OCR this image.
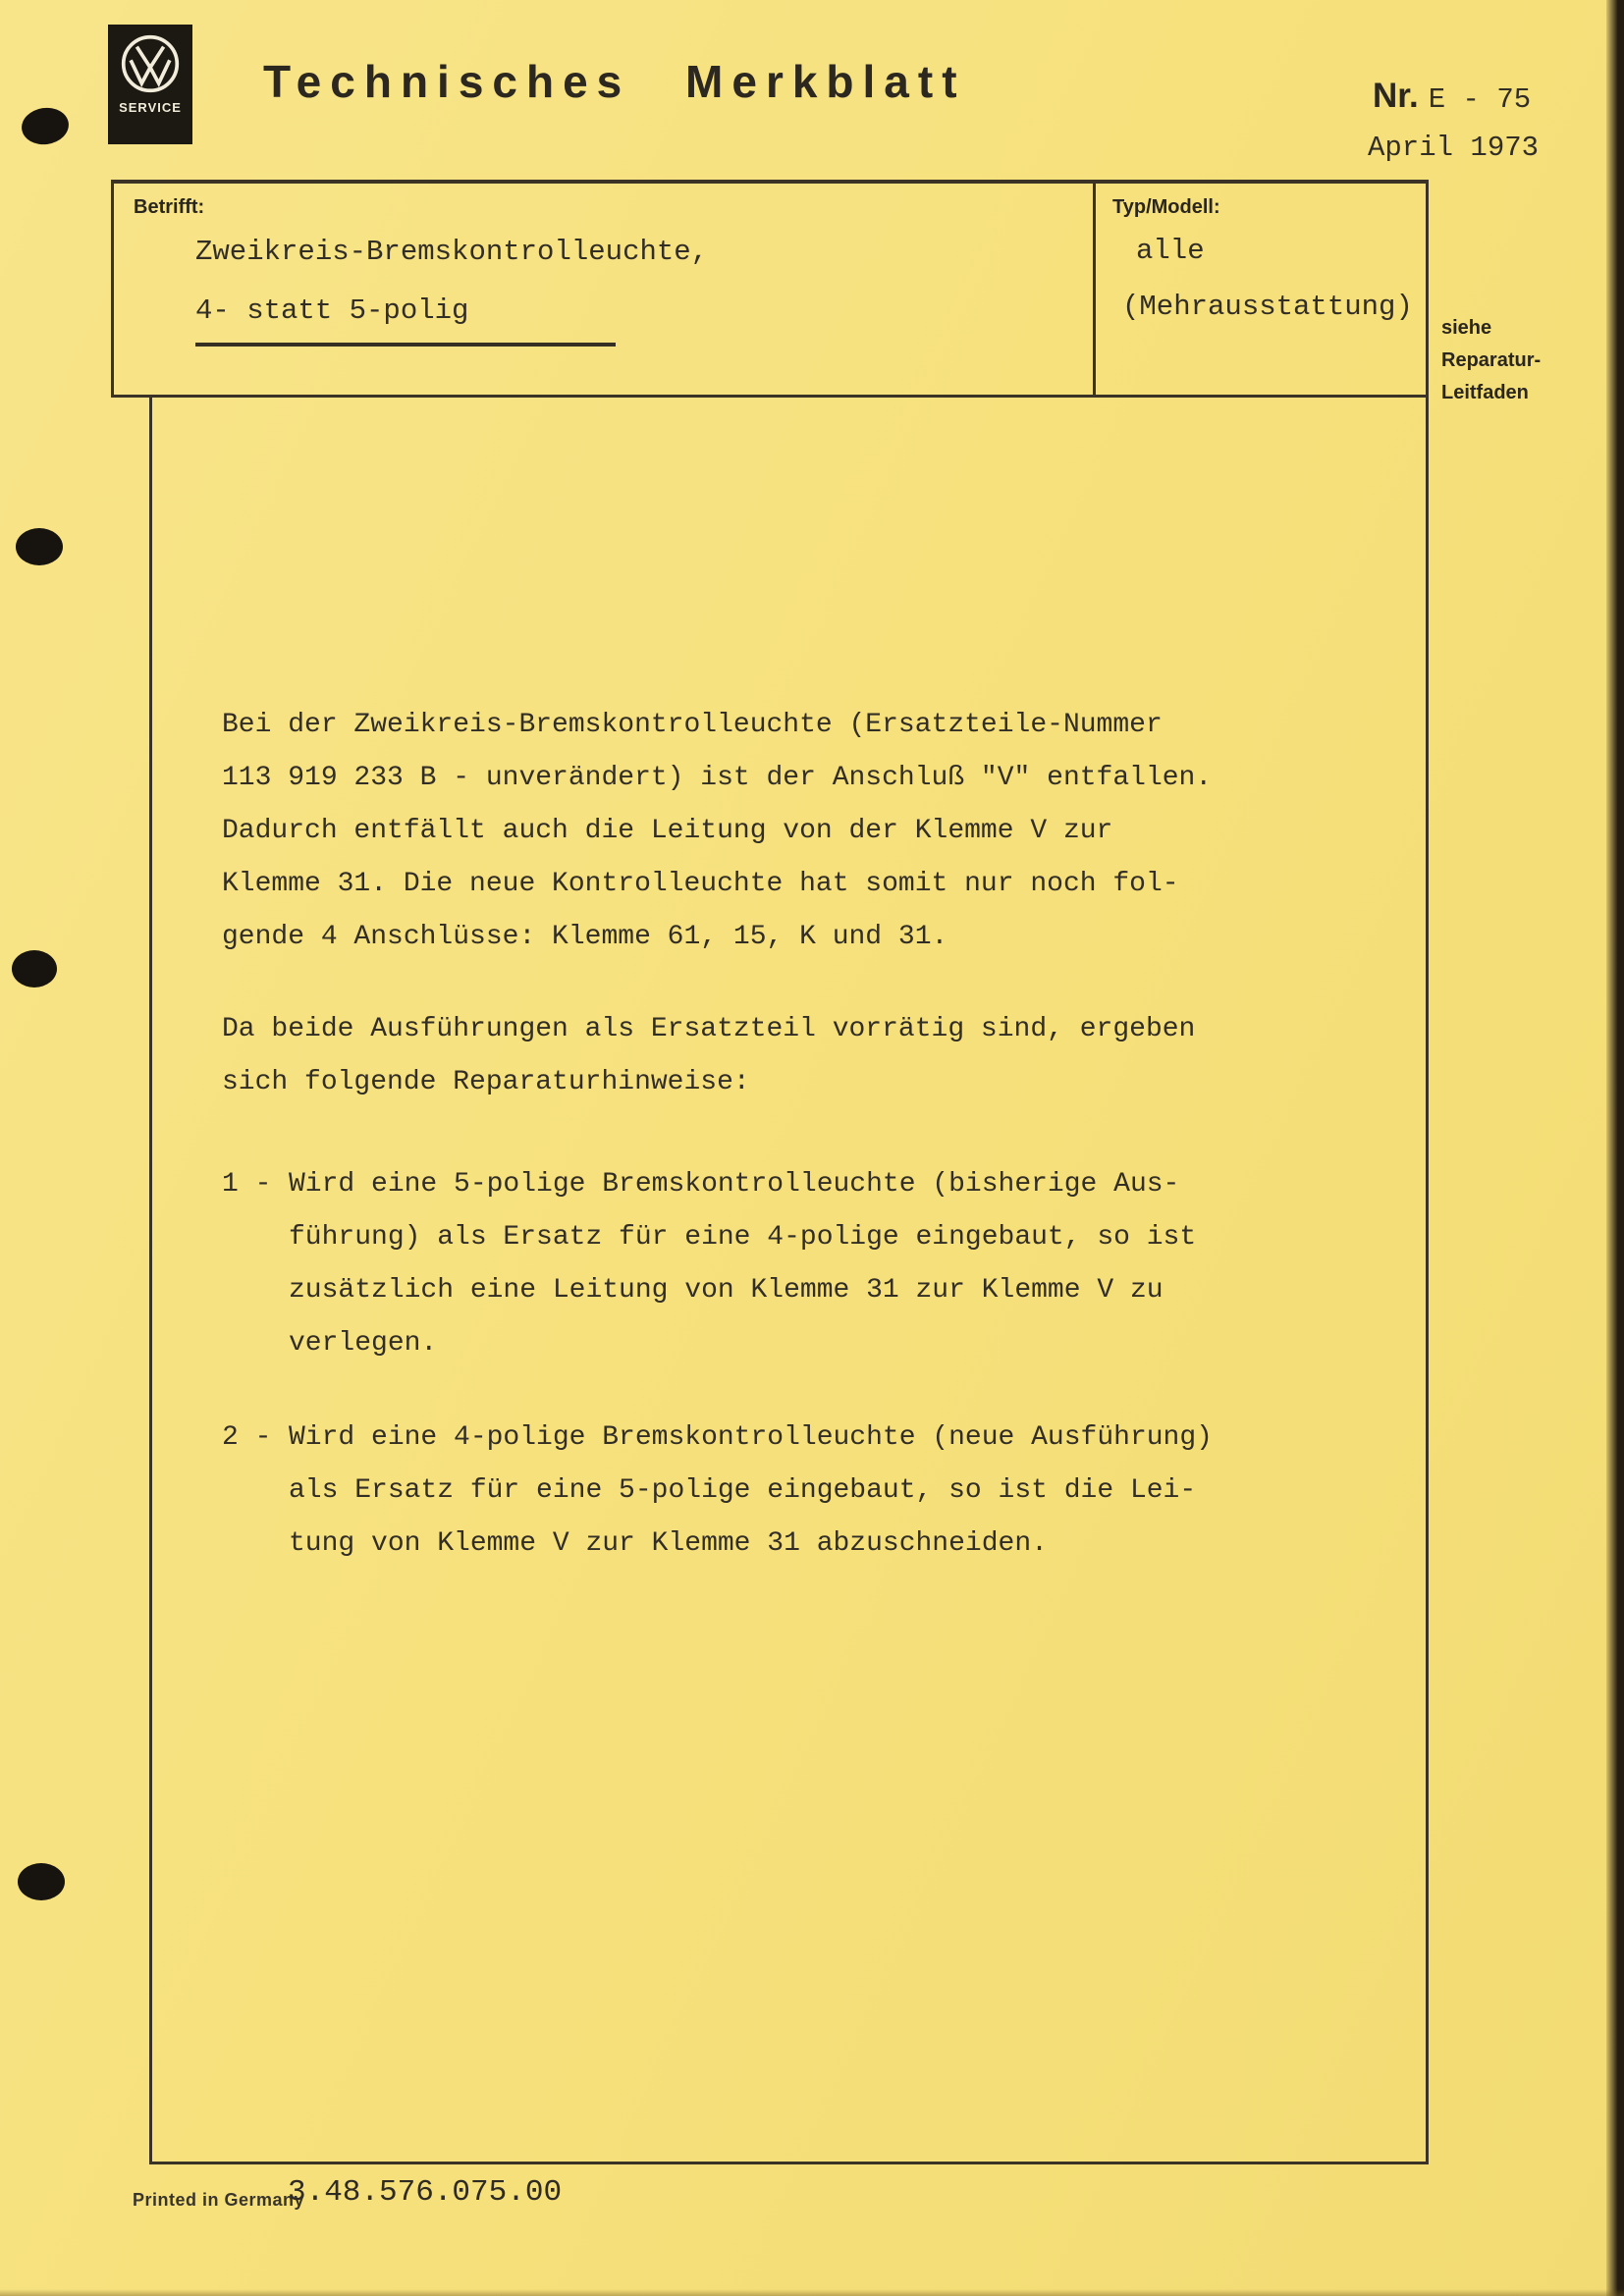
SERVICE
Technisches Merkblatt	Nr. E - 75
April 1973
Betrifft:
Zweikreis-Bremskontrolleuchte,
4- statt 5-polig
Typ/Modell:
alle
(Mehrausstattung)
siehe
Reparatur-
Leitfaden
Bei der Zweikreis-Bremskontrolleuchte (Ersatzteile-Nummer
113 919 233 B - unverändert) ist der Anschluß "V" entfallen.
Dadurch entfällt auch die Leitung von der Klemme V zur
Klemme 31. Die neue Kontrolleuchte hat somit nur noch fol-
gende 4 Anschlüsse: Klemme 61, 15, K und 31.
Da beide Ausführungen als Ersatzteil vorrätig sind, ergeben
sich folgende Reparaturhinweise:
1 - Wird eine 5-polige Bremskontrolleuchte (bisherige Aus-
führung) als Ersatz für eine 4-polige eingebaut, so ist
zusätzlich eine Leitung von Klemme 31 zur Klemme V zu
verlegen.
2 - Wird eine 4-polige Bremskontrolleuchte (neue Ausführung)
als Ersatz für eine 5-polige eingebaut, so ist die Lei-
tung von Klemme V zur Klemme 31 abzuschneiden.
Printed in Germany
3.48.576.075.00
